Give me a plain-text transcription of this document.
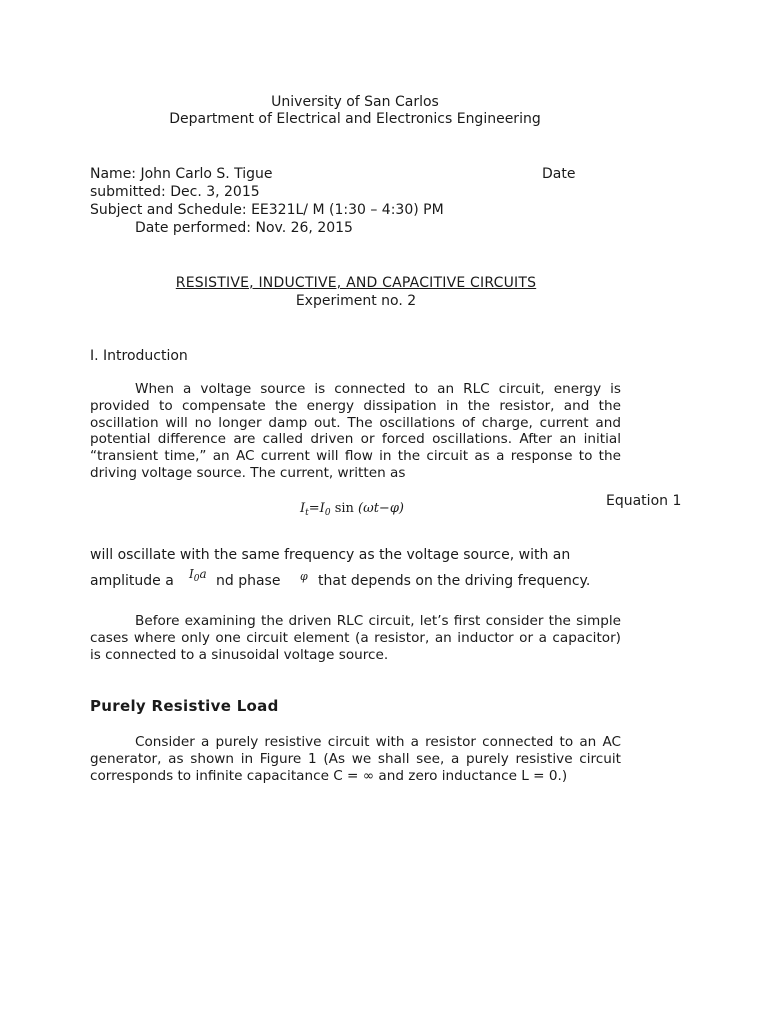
University of San Carlos
Department of Electrical and Electronics Engineering
Name: John Carlo S. Tigue	Date
submitted: Dec. 3, 2015
Subject and Schedule: EE321L/ M (1:30 – 4:30) PM
Date performed: Nov. 26, 2015
RESISTIVE, INDUCTIVE, AND CAPACITIVE CIRCUITS
Experiment no. 2
I. Introduction

When a voltage source is connected to an RLC circuit, energy is provided to compensate the energy dissipation in the resistor, and the oscillation will no longer damp out. The oscillations of charge, current and potential difference are called driven or forced oscillations. After an initial “transient time,” an AC current will flow in the circuit as a response to the driving voltage source. The current, written as

$I_t=I_0$ sin (ωt−φ)	Equation 1
will oscillate with the same frequency as the voltage source, with an
amplitude a $I_0a$ nd phase φ that depends on the driving frequency.

Before examining the driven RLC circuit, let’s first consider the simple cases where only one circuit element (a resistor, an inductor or a capacitor) is connected to a sinusoidal voltage source.

Purely Resistive Load

Consider a purely resistive circuit with a resistor connected to an AC generator, as shown in Figure 1 (As we shall see, a purely resistive circuit corresponds to infinite capacitance C = ∞ and zero inductance L = 0.)
